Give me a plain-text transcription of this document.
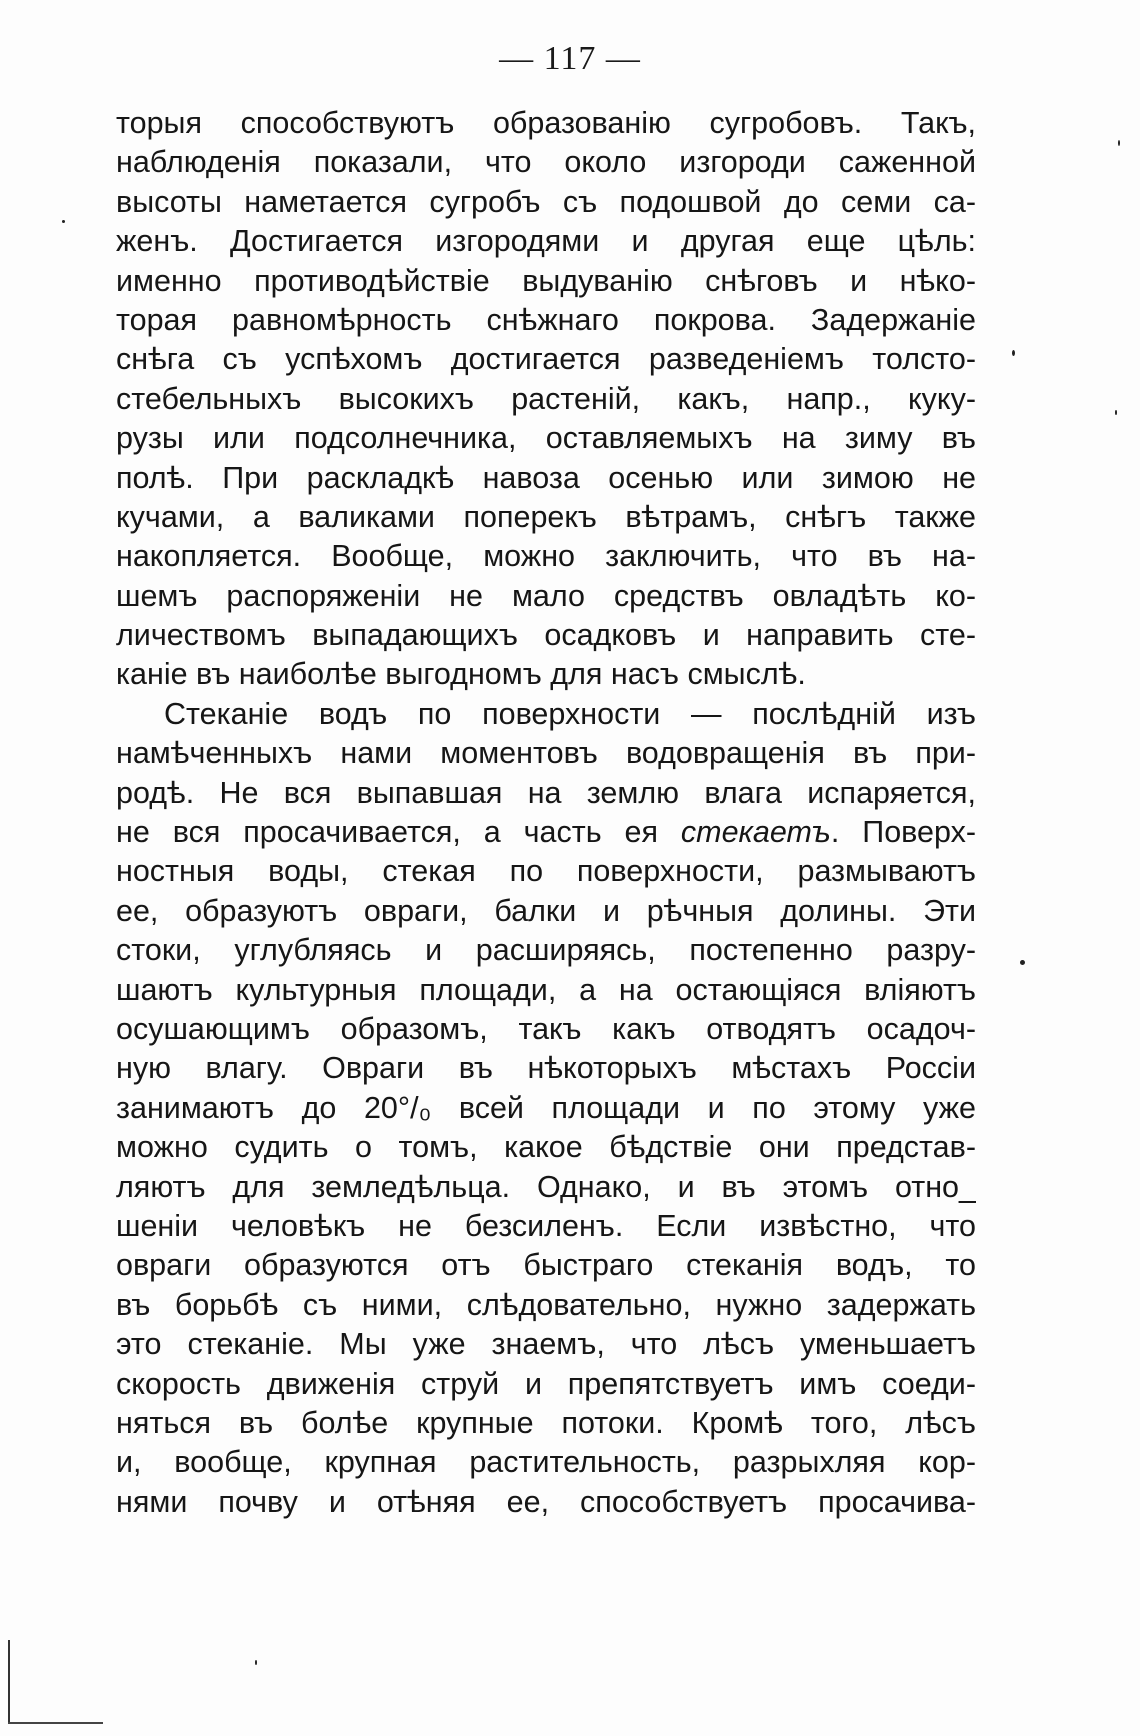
— 117 —
торыя способствуютъ образованiю сугробовъ. Такъ,
наблюденiя показали, что около изгороди саженной
высоты наметается сугробъ съ подошвой до семи са-
женъ. Достигается изгородями и другая еще цѣль:
именно противодѣйствiе выдуванiю снѣговъ и нѣко-
торая равномѣрность снѣжнаго покрова. Задержанiе
снѣга съ успѣхомъ достигается разведенiемъ толсто-
стебельныхъ высокихъ растенiй, какъ, напр., куку-
рузы или подсолнечника, оставляемыхъ на зиму въ
полѣ. При раскладкѣ навоза осенью или зимою не
кучами, а валиками поперекъ вѣтрамъ, снѣгъ также
накопляется. Вообще, можно заключить, что въ на-
шемъ распоряженiи не мало средствъ овладѣть ко-
личествомъ выпадающихъ осадковъ и направить сте-
канiе въ наиболѣе выгодномъ для насъ смыслѣ.
Стеканiе водъ по поверхности — послѣднiй изъ
намѣченныхъ нами моментовъ водовращенiя въ при-
родѣ. Не вся выпавшая на землю влага испаряется,
не вся просачивается, а часть ея стекаетъ. Поверх-
ностныя воды, стекая по поверхности, размываютъ
ее, образуютъ овраги, балки и рѣчныя долины. Эти
стоки, углубляясь и расширяясь, постепенно разру-
шаютъ культурныя площади, а на остающiяся влiяютъ
осушающимъ образомъ, такъ какъ отводятъ осадоч-
ную влагу. Овраги въ нѣкоторыхъ мѣстахъ Россiи
занимаютъ до 20°/₀ всей площади и по этому уже
можно судить о томъ, какое бѣдствiе они представ-
ляютъ для земледѣльца. Однако, и въ этомъ отно_
шенiи человѣкъ не безсиленъ. Если извѣстно, что
овраги образуются отъ быстраго стеканiя водъ, то
въ борьбѣ съ ними, слѣдовательно, нужно задержать
это стеканiе. Мы уже знаемъ, что лѣсъ уменьшаетъ
скорость движенiя струй и препятствуетъ имъ соеди-
няться въ болѣе крупные потоки. Кромѣ того, лѣсъ
и, вообще, крупная растительность, разрыхляя кор-
нями почву и отѣняя ее, способствуетъ просачива-
